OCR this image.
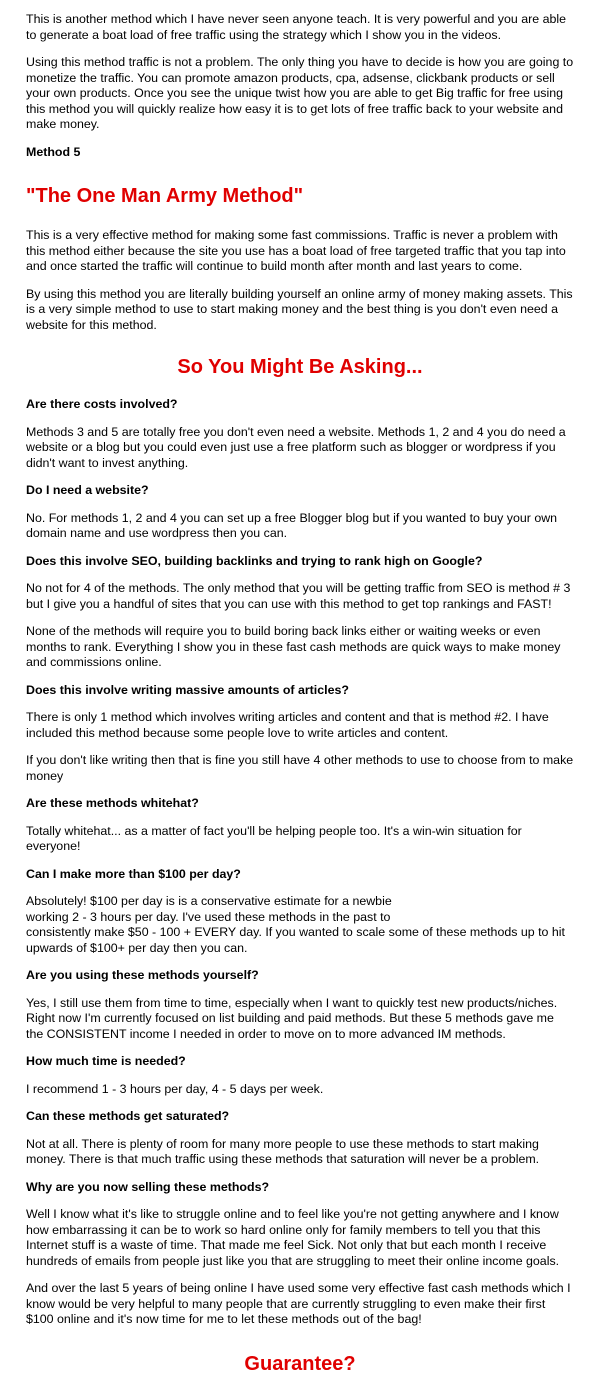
This is another method which I have never seen anyone teach. It is very powerful and you are able to generate a boat load of free traffic using the strategy which I show you in the videos.

Using this method traffic is not a problem. The only thing you have to decide is how you are going to monetize the traffic. You can promote amazon products, cpa, adsense, clickbank products or sell your own products. Once you see the unique twist how you are able to get Big traffic for free using this method you will quickly realize how easy it is to get lots of free traffic back to your website and make money.

Method 5
"The One Man Army Method"

This is a very effective method for making some fast commissions. Traffic is never a problem with this method either because the site you use has a boat load of free targeted traffic that you tap into and once started the traffic will continue to build month after month and last years to come.

By using this method you are literally building yourself an online army of money making assets. This is a very simple method to use to start making money and the best thing is you don't even need a website for this method.

So You Might Be Asking...

Are there costs involved?

Methods 3 and 5 are totally free you don't even need a website. Methods 1, 2 and 4 you do need a website or a blog but you could even just use a free platform such as blogger or wordpress if you didn't want to invest anything.

Do I need a website?

No. For methods 1, 2 and 4 you can set up a free Blogger blog but if you wanted to buy your own domain name and use wordpress then you can.

Does this involve SEO, building backlinks and trying to rank high on Google?

No not for 4 of the methods. The only method that you will be getting traffic from SEO is method # 3 but I give you a handful of sites that you can use with this method to get top rankings and FAST!

None of the methods will require you to build boring back links either or waiting weeks or even months to rank. Everything I show you in these fast cash methods are quick ways to make money and commissions online.

Does this involve writing massive amounts of articles?

There is only 1 method which involves writing articles and content and that is method #2. I have included this method because some people love to write articles and content.

If you don't like writing then that is fine you still have 4 other methods to use to choose from to make money

Are these methods whitehat?

Totally whitehat... as a matter of fact you'll be helping people too. It's a win-win situation for everyone!

Can I make more than $100 per day?

Absolutely! $100 per day is is a conservative estimate for a newbie
working 2 - 3 hours per day. I've used these methods in the past to
consistently make $50 - 100 + EVERY day. If you wanted to scale some of these methods up to hit upwards of $100+ per day then you can.

Are you using these methods yourself?

Yes, I still use them from time to time, especially when I want to quickly test new products/niches. Right now I'm currently focused on list building and paid methods. But these 5 methods gave me the CONSISTENT income I needed in order to move on to more advanced IM methods.

How much time is needed?

I recommend 1 - 3 hours per day, 4 - 5 days per week.

Can these methods get saturated?

Not at all. There is plenty of room for many more people to use these methods to start making money. There is that much traffic using these methods that saturation will never be a problem.

Why are you now selling these methods?

Well I know what it's like to struggle online and to feel like you're not getting anywhere and I know how embarrassing it can be to work so hard online only for family members to tell you that this Internet stuff is a waste of time. That made me feel Sick. Not only that but each month I receive hundreds of emails from people just like you that are struggling to meet their online income goals.

And over the last 5 years of being online I have used some very effective fast cash methods which I know would be very helpful to many people that are currently struggling to even make their first $100 online and it's now time for me to let these methods out of the bag!

Guarantee?
